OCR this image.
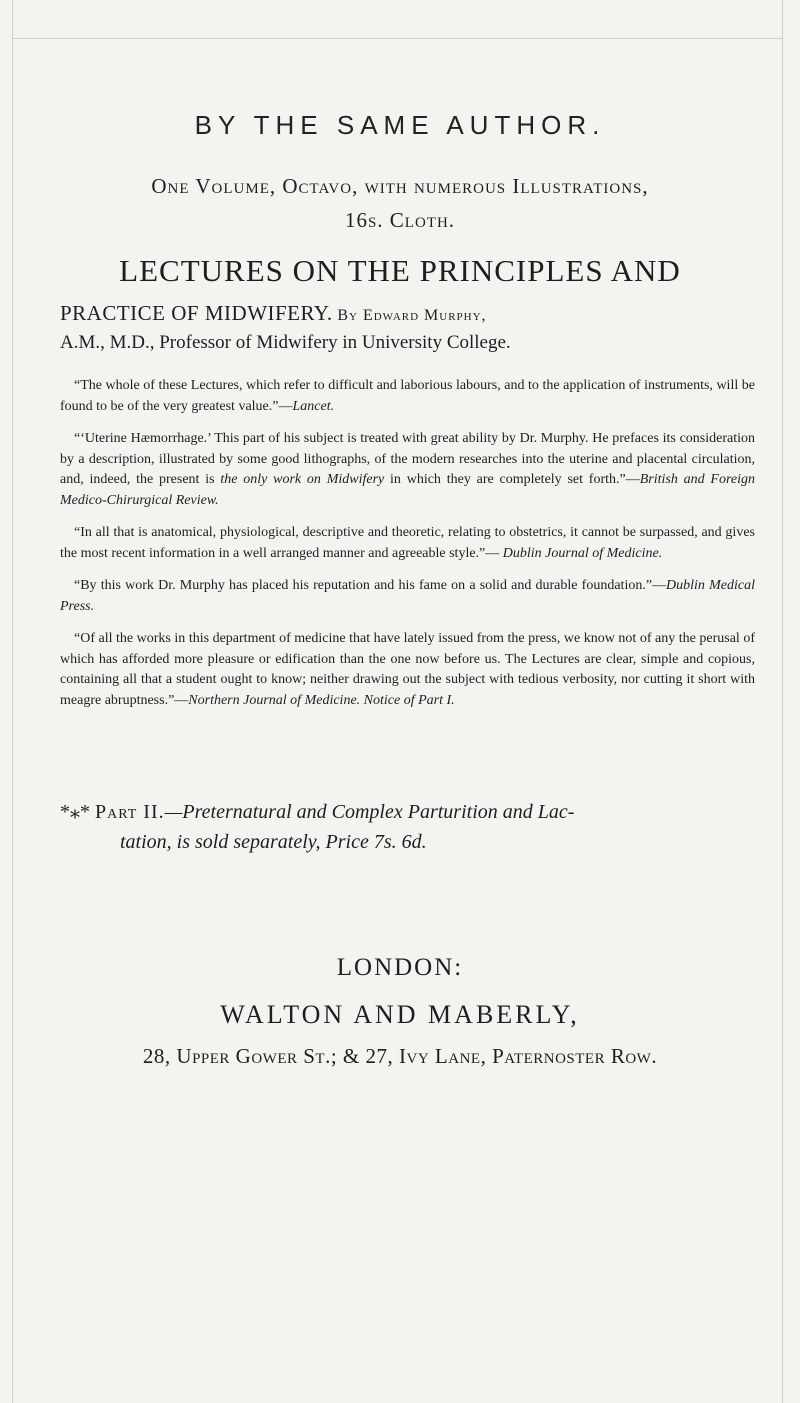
BY THE SAME AUTHOR.
One Volume, Octavo, with numerous Illustrations,
16s. Cloth.
LECTURES ON THE PRINCIPLES AND
PRACTICE OF MIDWIFERY. By Edward Murphy,
A.M., M.D., Professor of Midwifery in University College.

“The whole of these Lectures, which refer to difficult and laborious labours, and to the application of instruments, will be found to be of the very greatest value.”—Lancet.

“‘Uterine Hæmorrhage.’ This part of his subject is treated with great ability by Dr. Murphy. He prefaces its consideration by a description, illustrated by some good lithographs, of the modern researches into the uterine and placental circulation, and, indeed, the present is the only work on Midwifery in which they are completely set forth.”—British and Foreign Medico-Chirurgical Review.

“In all that is anatomical, physiological, descriptive and theoretic, relating to obstetrics, it cannot be surpassed, and gives the most recent information in a well arranged manner and agreeable style.”— Dublin Journal of Medicine.

“By this work Dr. Murphy has placed his reputation and his fame on a solid and durable foundation.”—Dublin Medical Press.

“Of all the works in this department of medicine that have lately issued from the press, we know not of any the perusal of which has afforded more pleasure or edification than the one now before us. The Lectures are clear, simple and copious, containing all that a student ought to know; neither drawing out the subject with tedious verbosity, nor cutting it short with meagre abruptness.”—Northern Journal of Medicine. Notice of Part I.

*⁎* Part II.—Preternatural and Complex Parturition and Lac-
tation, is sold separately, Price 7s. 6d.
LONDON:
WALTON AND MABERLY,
28, Upper Gower St.; & 27, Ivy Lane, Paternoster Row.
